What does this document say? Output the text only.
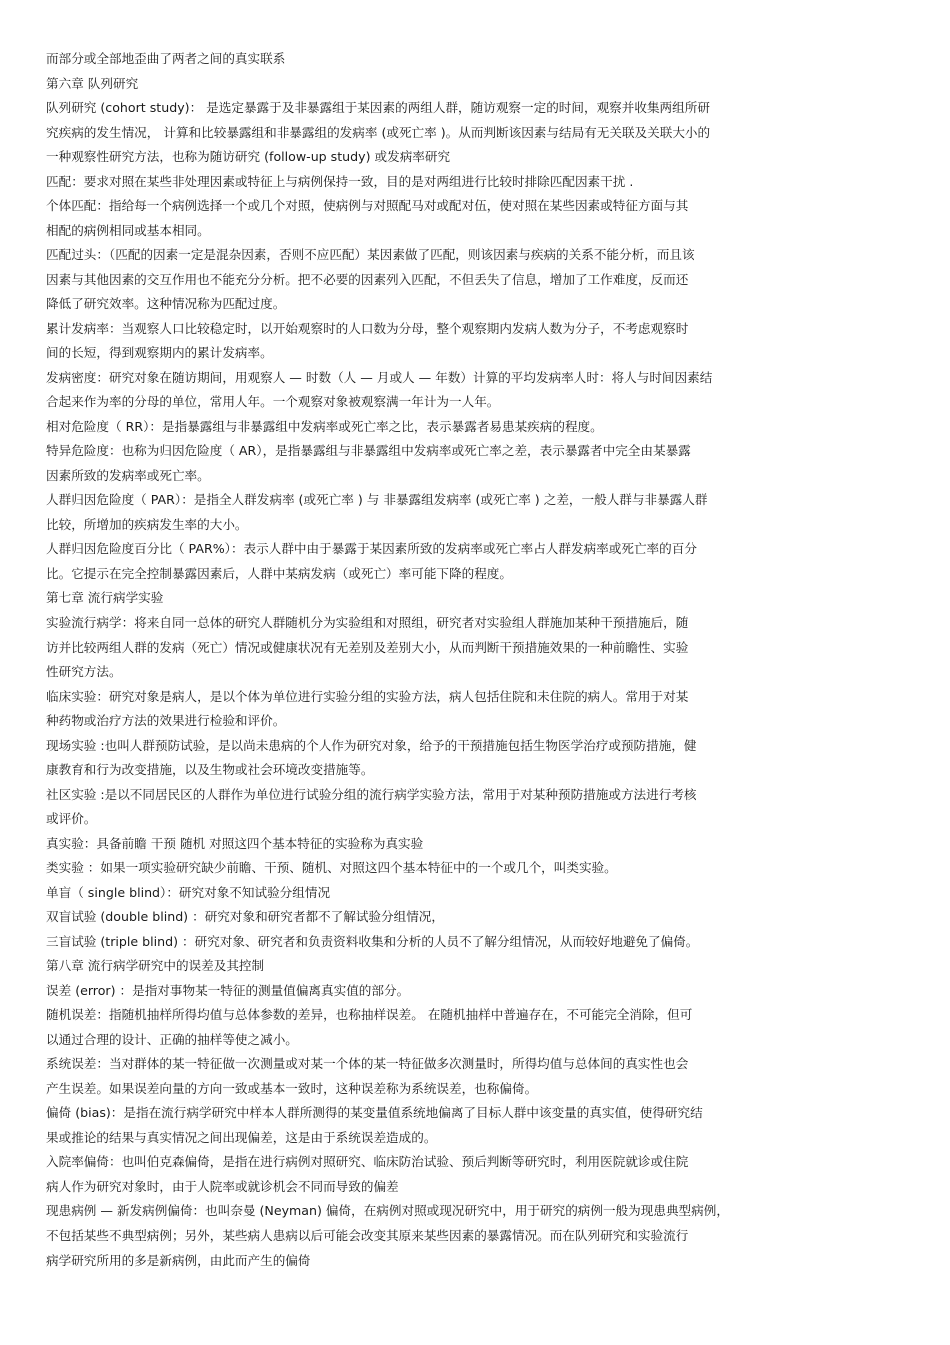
而部分或全部地歪曲了两者之间的真实联系
第六章 队列研究
队列研究 (cohort study)： 是选定暴露于及非暴露组于某因素的两组人群，随访观察一定的时间，观察并收集两组所研
究疾病的发生情况， 计算和比较暴露组和非暴露组的发病率 (或死亡率 )。从而判断该因素与结局有无关联及关联大小的
一种观察性研究方法，也称为随访研究 (follow-up study) 或发病率研究
匹配：要求对照在某些非处理因素或特征上与病例保持一致，目的是对两组进行比较时排除匹配因素干扰 .
个体匹配：指给每一个病例选择一个或几个对照，使病例与对照配马对或配对伍，使对照在某些因素或特征方面与其
相配的病例相同或基本相同。
匹配过头：（匹配的因素一定是混杂因素，否则不应匹配）某因素做了匹配，则该因素与疾病的关系不能分析，而且该
因素与其他因素的交互作用也不能充分分析。把不必要的因素列入匹配，不但丢失了信息，增加了工作难度，反而还
降低了研究效率。这种情况称为匹配过度。
累计发病率：当观察人口比较稳定时，以开始观察时的人口数为分母，整个观察期内发病人数为分子，不考虑观察时
间的长短，得到观察期内的累计发病率。
发病密度：研究对象在随访期间，用观察人 — 时数（人 — 月或人 — 年数）计算的平均发病率人时：将人与时间因素结
合起来作为率的分母的单位，常用人年。一个观察对象被观察满一年计为一人年。
相对危险度（ RR）：是指暴露组与非暴露组中发病率或死亡率之比，表示暴露者易患某疾病的程度。
特异危险度：也称为归因危险度（ AR），是指暴露组与非暴露组中发病率或死亡率之差，表示暴露者中完全由某暴露
因素所致的发病率或死亡率。
人群归因危险度（ PAR）：是指全人群发病率 (或死亡率 ) 与 非暴露组发病率 (或死亡率 ) 之差，一般人群与非暴露人群
比较，所增加的疾病发生率的大小。
人群归因危险度百分比（ PAR%）：表示人群中由于暴露于某因素所致的发病率或死亡率占人群发病率或死亡率的百分
比。它提示在完全控制暴露因素后，人群中某病发病（或死亡）率可能下降的程度。
第七章 流行病学实验
实验流行病学：将来自同一总体的研究人群随机分为实验组和对照组，研究者对实验组人群施加某种干预措施后，随
访并比较两组人群的发病（死亡）情况或健康状况有无差别及差别大小，从而判断干预措施效果的一种前瞻性、实验
性研究方法。
临床实验：研究对象是病人，是以个体为单位进行实验分组的实验方法，病人包括住院和未住院的病人。常用于对某
种药物或治疗方法的效果进行检验和评价。
现场实验 :也叫人群预防试验，是以尚未患病的个人作为研究对象，给予的干预措施包括生物医学治疗或预防措施，健
康教育和行为改变措施，以及生物或社会环境改变措施等。
社区实验 :是以不同居民区的人群作为单位进行试验分组的流行病学实验方法，常用于对某种预防措施或方法进行考核
或评价。
真实验：具备前瞻 干预 随机 对照这四个基本特征的实验称为真实验
类实验 ：如果一项实验研究缺少前瞻、干预、随机、对照这四个基本特征中的一个或几个，叫类实验。
单盲（ single blind）：研究对象不知试验分组情况
双盲试验 (double blind) ：研究对象和研究者都不了解试验分组情况，
三盲试验 (triple blind) ：研究对象、研究者和负责资料收集和分析的人员不了解分组情况，从而较好地避免了偏倚。
第八章 流行病学研究中的误差及其控制
误差 (error) ：是指对事物某一特征的测量值偏离真实值的部分。
随机误差：指随机抽样所得均值与总体参数的差异，也称抽样误差。 在随机抽样中普遍存在，不可能完全消除，但可
以通过合理的设计、正确的抽样等使之减小。
系统误差：当对群体的某一特征做一次测量或对某一个体的某一特征做多次测量时，所得均值与总体间的真实性也会
产生误差。如果误差向量的方向一致或基本一致时，这种误差称为系统误差，也称偏倚。
偏倚 (bias)：是指在流行病学研究中样本人群所测得的某变量值系统地偏离了目标人群中该变量的真实值，使得研究结
果或推论的结果与真实情况之间出现偏差，这是由于系统误差造成的。
入院率偏倚：也叫伯克森偏倚，是指在进行病例对照研究、临床防治试验、预后判断等研究时，利用医院就诊或住院
病人作为研究对象时，由于人院率或就诊机会不同而导致的偏差
现患病例 — 新发病例偏倚：也叫奈曼 (Neyman) 偏倚，在病例对照或现况研究中，用于研究的病例一般为现患典型病例，
不包括某些不典型病例；另外，某些病人患病以后可能会改变其原来某些因素的暴露情况。而在队列研究和实验流行
病学研究所用的多是新病例，由此而产生的偏倚
